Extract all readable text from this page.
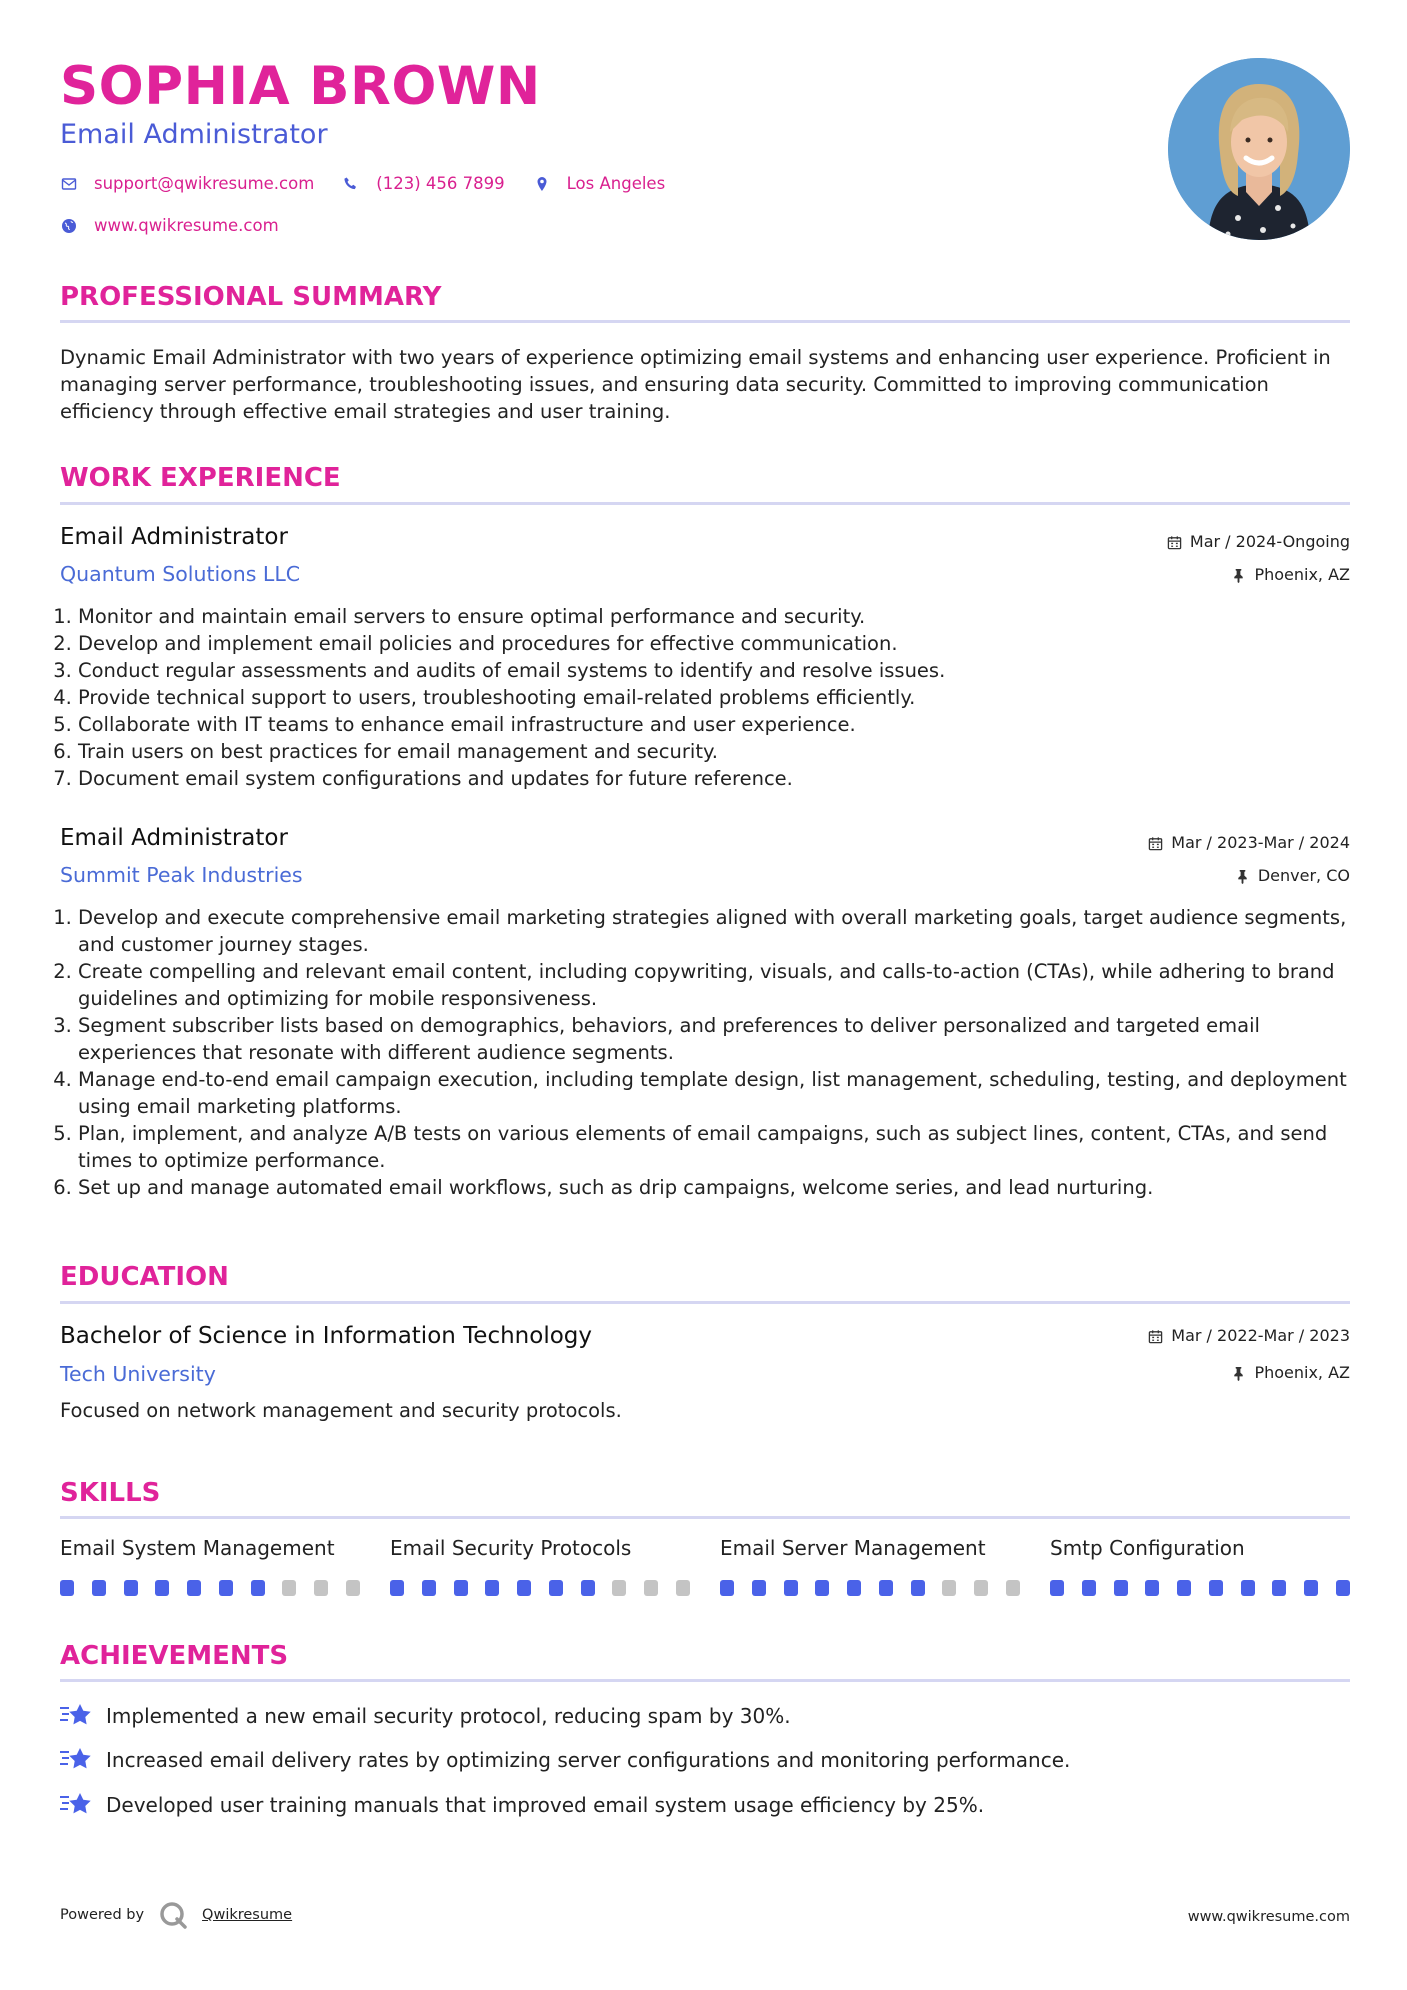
SOPHIA BROWN
Email Administrator
support@qwikresume.com	(123) 456 7899	Los Angeles
www.qwikresume.com
PROFESSIONAL SUMMARY
Dynamic Email Administrator with two years of experience optimizing email systems and enhancing user experience. Proficient in managing server performance, troubleshooting issues, and ensuring data security. Committed to improving communication efficiency through effective email strategies and user training.
WORK EXPERIENCE
Email Administrator
Quantum Solutions LLC
Mar / 2024-Ongoing
Phoenix, AZ
1. Monitor and maintain email servers to ensure optimal performance and security.
2. Develop and implement email policies and procedures for effective communication.
3. Conduct regular assessments and audits of email systems to identify and resolve issues.
4. Provide technical support to users, troubleshooting email-related problems efficiently.
5. Collaborate with IT teams to enhance email infrastructure and user experience.
6. Train users on best practices for email management and security.
7. Document email system configurations and updates for future reference.
Email Administrator
Summit Peak Industries
Mar / 2023-Mar / 2024
Denver, CO
1. Develop and execute comprehensive email marketing strategies aligned with overall marketing goals, target audience segments, and customer journey stages.
2. Create compelling and relevant email content, including copywriting, visuals, and calls-to-action (CTAs), while adhering to brand guidelines and optimizing for mobile responsiveness.
3. Segment subscriber lists based on demographics, behaviors, and preferences to deliver personalized and targeted email experiences that resonate with different audience segments.
4. Manage end-to-end email campaign execution, including template design, list management, scheduling, testing, and deployment using email marketing platforms.
5. Plan, implement, and analyze A/B tests on various elements of email campaigns, such as subject lines, content, CTAs, and send times to optimize performance.
6. Set up and manage automated email workflows, such as drip campaigns, welcome series, and lead nurturing.
EDUCATION
Bachelor of Science in Information Technology
Tech University
Mar / 2022-Mar / 2023
Phoenix, AZ
Focused on network management and security protocols.
SKILLS
Email System Management	Email Security Protocols	Email Server Management	Smtp Configuration
ACHIEVEMENTS
Implemented a new email security protocol, reducing spam by 30%.
Increased email delivery rates by optimizing server configurations and monitoring performance.
Developed user training manuals that improved email system usage efficiency by 25%.
Powered by	Qwikresume	www.qwikresume.com
